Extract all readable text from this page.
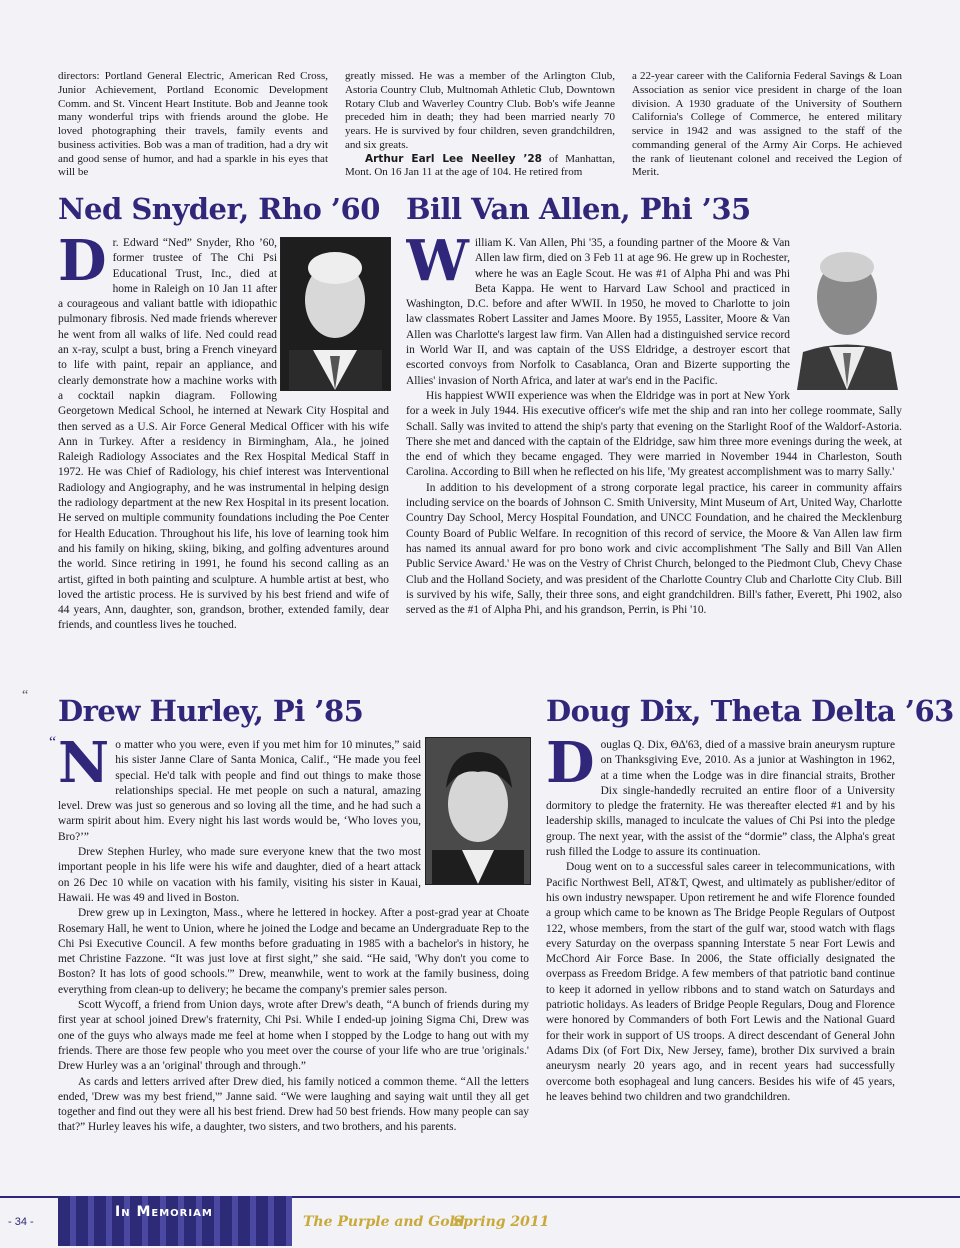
directors: Portland General Electric, American Red Cross, Junior Achievement, Portland Economic Development Comm. and St. Vincent Heart Institute. Bob and Jeanne took many wonderful trips with friends around the globe. He loved photographing their travels, family events and business activities. Bob was a man of tradition, had a dry wit and good sense of humor, and had a sparkle in his eyes that will be

greatly missed. He was a member of the Arlington Club, Astoria Country Club, Multnomah Athletic Club, Downtown Rotary Club and Waverley Country Club. Bob's wife Jeanne preceded him in death; they had been married nearly 70 years. He is survived by four children, seven grandchildren, and six greats.

Arthur Earl Lee Neelley ’28 of Manhattan, Mont. On 16 Jan 11 at the age of 104. He retired from

a 22-year career with the California Federal Savings & Loan Association as senior vice president in charge of the loan division. A 1930 graduate of the University of Southern California's College of Commerce, he entered military service in 1942 and was assigned to the staff of the commanding general of the Army Air Corps. He achieved the rank of lieutenant colonel and received the Legion of Merit.

Ned Snyder, Rho ’60
D r. Edward “Ned” Snyder, Rho ’60, former trustee of The Chi Psi Educational Trust, Inc., died at home in Raleigh on 10 Jan 11 after a courageous and valiant battle with idiopathic pulmonary fibrosis. Ned made friends wherever he went from all walks of life. Ned could read an x-ray, sculpt a bust, bring a French vineyard to life with paint, repair an appliance, and clearly demonstrate how a machine works with a cocktail napkin diagram. Following Georgetown Medical School, he interned at Newark City Hospital and then served as a U.S. Air Force General Medical Officer with his wife Ann in Turkey. After a residency in Birmingham, Ala., he joined Raleigh Radiology Associates and the Rex Hospital Medical Staff in 1972. He was Chief of Radiology, his chief interest was Interventional Radiology and Angiography, and he was instrumental in helping design the radiology department at the new Rex Hospital in its present location. He served on multiple community foundations including the Poe Center for Health Education. Throughout his life, his love of learning took him and his family on hiking, skiing, biking, and golfing adventures around the world. Since retiring in 1991, he found his second calling as an artist, gifted in both painting and sculpture. A humble artist at best, who loved the artistic process. He is survived by his best friend and wife of 44 years, Ann, daughter, son, grandson, brother, extended family, dear friends, and countless lives he touched.

Bill Van Allen, Phi ’35
W illiam K. Van Allen, Phi '35, a founding partner of the Moore & Van Allen law firm, died on 3 Feb 11 at age 96. He grew up in Rochester, where he was an Eagle Scout. He was #1 of Alpha Phi and was Phi Beta Kappa. He went to Harvard Law School and practiced in Washington, D.C. before and after WWII. In 1950, he moved to Charlotte to join law classmates Robert Lassiter and James Moore. By 1955, Lassiter, Moore & Van Allen was Charlotte's largest law firm. Van Allen had a distinguished service record in World War II, and was captain of the USS Eldridge, a destroyer escort that escorted convoys from Norfolk to Casablanca, Oran and Bizerte supporting the Allies' invasion of North Africa, and later at war's end in the Pacific.

His happiest WWII experience was when the Eldridge was in port at New York for a week in July 1944. His executive officer's wife met the ship and ran into her college roommate, Sally Schall. Sally was invited to attend the ship's party that evening on the Starlight Roof of the Waldorf-Astoria. There she met and danced with the captain of the Eldridge, saw him three more evenings during the week, at the end of which they became engaged. They were married in November 1944 in Charleston, South Carolina. According to Bill when he reflected on his life, 'My greatest accomplishment was to marry Sally.'

In addition to his development of a strong corporate legal practice, his career in community affairs including service on the boards of Johnson C. Smith University, Mint Museum of Art, United Way, Charlotte Country Day School, Mercy Hospital Foundation, and UNCC Foundation, and he chaired the Mecklenburg County Board of Public Welfare. In recognition of this record of service, the Moore & Van Allen law firm has named its annual award for pro bono work and civic accomplishment 'The Sally and Bill Van Allen Public Service Award.' He was on the Vestry of Christ Church, belonged to the Piedmont Club, Chevy Chase Club and the Holland Society, and was president of the Charlotte Country Club and Charlotte City Club. Bill is survived by his wife, Sally, their three sons, and eight grandchildren. Bill's father, Everett, Phi 1902, also served as the #1 of Alpha Phi, and his grandson, Perrin, is Phi '10.

“ Drew Hurley, Pi ’85
“ N o matter who you were, even if you met him for 10 minutes,” said his sister Janne Clare of Santa Monica, Calif., “He made you feel special. He'd talk with people and find out things to make those relationships special. He met people on such a natural, amazing level. Drew was just so generous and so loving all the time, and he had such a warm spirit about him. Every night his last words would be, ‘Who loves you, Bro?’”

Drew Stephen Hurley, who made sure everyone knew that the two most important people in his life were his wife and daughter, died of a heart attack on 26 Dec 10 while on vacation with his family, visiting his sister in Kauai, Hawaii. He was 49 and lived in Boston.

Drew grew up in Lexington, Mass., where he lettered in hockey. After a post-grad year at Choate Rosemary Hall, he went to Union, where he joined the Lodge and became an Undergraduate Rep to the Chi Psi Executive Council. A few months before graduating in 1985 with a bachelor's in history, he met Christine Fazzone. “It was just love at first sight,” she said. “He said, 'Why don't you come to Boston? It has lots of good schools.'” Drew, meanwhile, went to work at the family business, doing everything from clean-up to delivery; he became the company's premier sales person.

Scott Wycoff, a friend from Union days, wrote after Drew's death, “A bunch of friends during my first year at school joined Drew's fraternity, Chi Psi. While I ended-up joining Sigma Chi, Drew was one of the guys who always made me feel at home when I stopped by the Lodge to hang out with my friends. There are those few people who you meet over the course of your life who are true 'originals.' Drew Hurley was a an 'original' through and through.”

As cards and letters arrived after Drew died, his family noticed a common theme. “All the letters ended, 'Drew was my best friend,'” Janne said. “We were laughing and saying wait until they all get together and find out they were all his best friend. Drew had 50 best friends. How many people can say that?” Hurley leaves his wife, a daughter, two sisters, and two brothers, and his parents.

Doug Dix, Theta Delta ’63
D ouglas Q. Dix, ΘΔ'63, died of a massive brain aneurysm rupture on Thanksgiving Eve, 2010. As a junior at Washington in 1962, at a time when the Lodge was in dire financial straits, Brother Dix single-handedly recruited an entire floor of a University dormitory to pledge the fraternity. He was thereafter elected #1 and by his leadership skills, managed to inculcate the values of Chi Psi into the pledge group. The next year, with the assist of the “dormie” class, the Alpha's great rush filled the Lodge to assure its continuation.

Doug went on to a successful sales career in telecommunications, with Pacific Northwest Bell, AT&T, Qwest, and ultimately as publisher/editor of his own industry newspaper. Upon retirement he and wife Florence founded a group which came to be known as The Bridge People Regulars of Outpost 122, whose members, from the start of the gulf war, stood watch with flags every Saturday on the overpass spanning Interstate 5 near Fort Lewis and McChord Air Force Base. In 2006, the State officially designated the overpass as Freedom Bridge. A few members of that patriotic band continue to keep it adorned in yellow ribbons and to stand watch on Saturdays and patriotic holidays. As leaders of Bridge People Regulars, Doug and Florence were honored by Commanders of both Fort Lewis and the National Guard for their work in support of US troops. A direct descendant of General John Adams Dix (of Fort Dix, New Jersey, fame), brother Dix survived a brain aneurysm nearly 20 years ago, and in recent years had successfully overcome both esophageal and lung cancers. Besides his wife of 45 years, he leaves behind two children and two grandchildren.

- 34 -
In Memoriam
The Purple and Gold
Spring 2011
